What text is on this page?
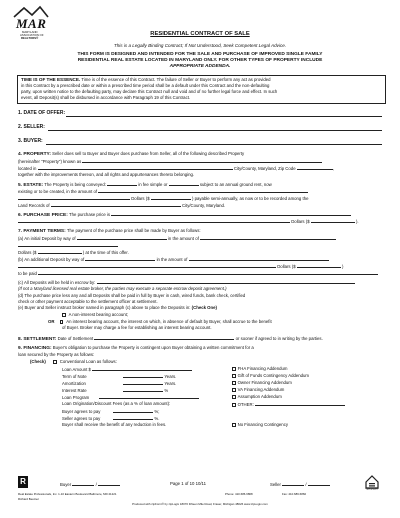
MAR
MARYLAND
ASSOCIATION OF
REALTORS®
RESIDENTIAL CONTRACT OF SALE
This is a Legally Binding Contract; If Not Understood, Seek Competent Legal Advice.
THIS FORM IS DESIGNED AND INTENDED FOR THE SALE AND PURCHASE OF IMPROVED SINGLE FAMILY
RESIDENTIAL REAL ESTATE LOCATED IN MARYLAND ONLY. FOR OTHER TYPES OF PROPERTY INCLUDE
APPROPRIATE ADDENDA.
TIME IS OF THE ESSENCE. Time is of the essence of this Contract. The failure of Seller or Buyer to perform any act as provided
in this Contract by a prescribed date or within a prescribed time period shall be a default under this Contract and the non-defaulting
party, upon written notice to the defaulting party, may declare this Contract null and void and of no further legal force and effect. In such
event, all Deposit(s) shall be disbursed in accordance with Paragraph 19 of this Contract.
1. DATE OF OFFER:
2. SELLER:
3. BUYER:
4. PROPERTY: Seller does sell to Buyer and Buyer does purchase from Seller, all of the following described Property
(hereinafter "Property") known as
located in	City/County, Maryland, Zip Code	,
together with the improvements thereon, and all rights and appurtenances thereto belonging.
5. ESTATE: The Property is being conveyed:	in fee simple or	subject to an annual ground rent, now
existing or to be created, in the amount of
Dollars ($	) payable semi-annually, as now or to be recorded among the
Land Records of	City/County, Maryland.
6. PURCHASE PRICE: The purchase price is
Dollars ($	).
7. PAYMENT TERMS: The payment of the purchase price shall be made by Buyer as follows:
(a) An initial Deposit by way of	in the amount of
Dollars ($	) at the time of this offer.
(b) An additional Deposit by way of	in the amount of
Dollars ($	)
to be paid
(c) All Deposits will be held in escrow by:
(If not a Maryland licensed real estate broker, the parties may execute a separate escrow deposit agreement.)
(d) The purchase price less any and all Deposits shall be paid in full by Buyer in cash, wired funds, bank check, certified
check or other payment acceptable to the settlement officer at settlement.
(e) Buyer and Seller instruct broker named in paragraph (c) above to place the Deposits in: (Check One)
A non-interest bearing account;
OR	An interest bearing account, the interest on which, in absence of default by Buyer, shall accrue to the benefit
of Buyer. Broker may charge a fee for establishing an interest bearing account.
8. SETTLEMENT: Date of Settlement	or sooner if agreed to in writing by the parties.
9. FINANCING: Buyer's obligation to purchase the Property is contingent upon Buyer obtaining a written commitment for a
loan secured by the Property as follows:
(Check)	Conventional Loan as follows:
Loan Amount $
Term of Note	Years.
Amortization	Years.
Interest Rate	%
Loan Program
Loan Origination/Discount Fees (as a % of loan amount):
Buyer agrees to pay	%;
Seller agrees to pay	%.
Buyer shall receive the benefit of any reduction in fees.
FHA Financing Addendum
Gift of Funds Contingency Addendum
Owner Financing Addendum
VA Financing Addendum
Assumption Addendum
OTHER:
No Financing Contingency
R	Buyer	/	Page 1 of 10 10/11	Seller	/
EQUAL HOUSING OPPORTUNITY
Real Estate Professionals, Inc. 1-10 Eastern Boulevard Baltimore, MD 21221	Phone: 410.686.6868	Fax: 410.686.6860
Richard Beutner
Produced with zipForm® by zipLogix 18070 Fifteen Mile Road, Fraser, Michigan 48026 www.zipLogix.com
